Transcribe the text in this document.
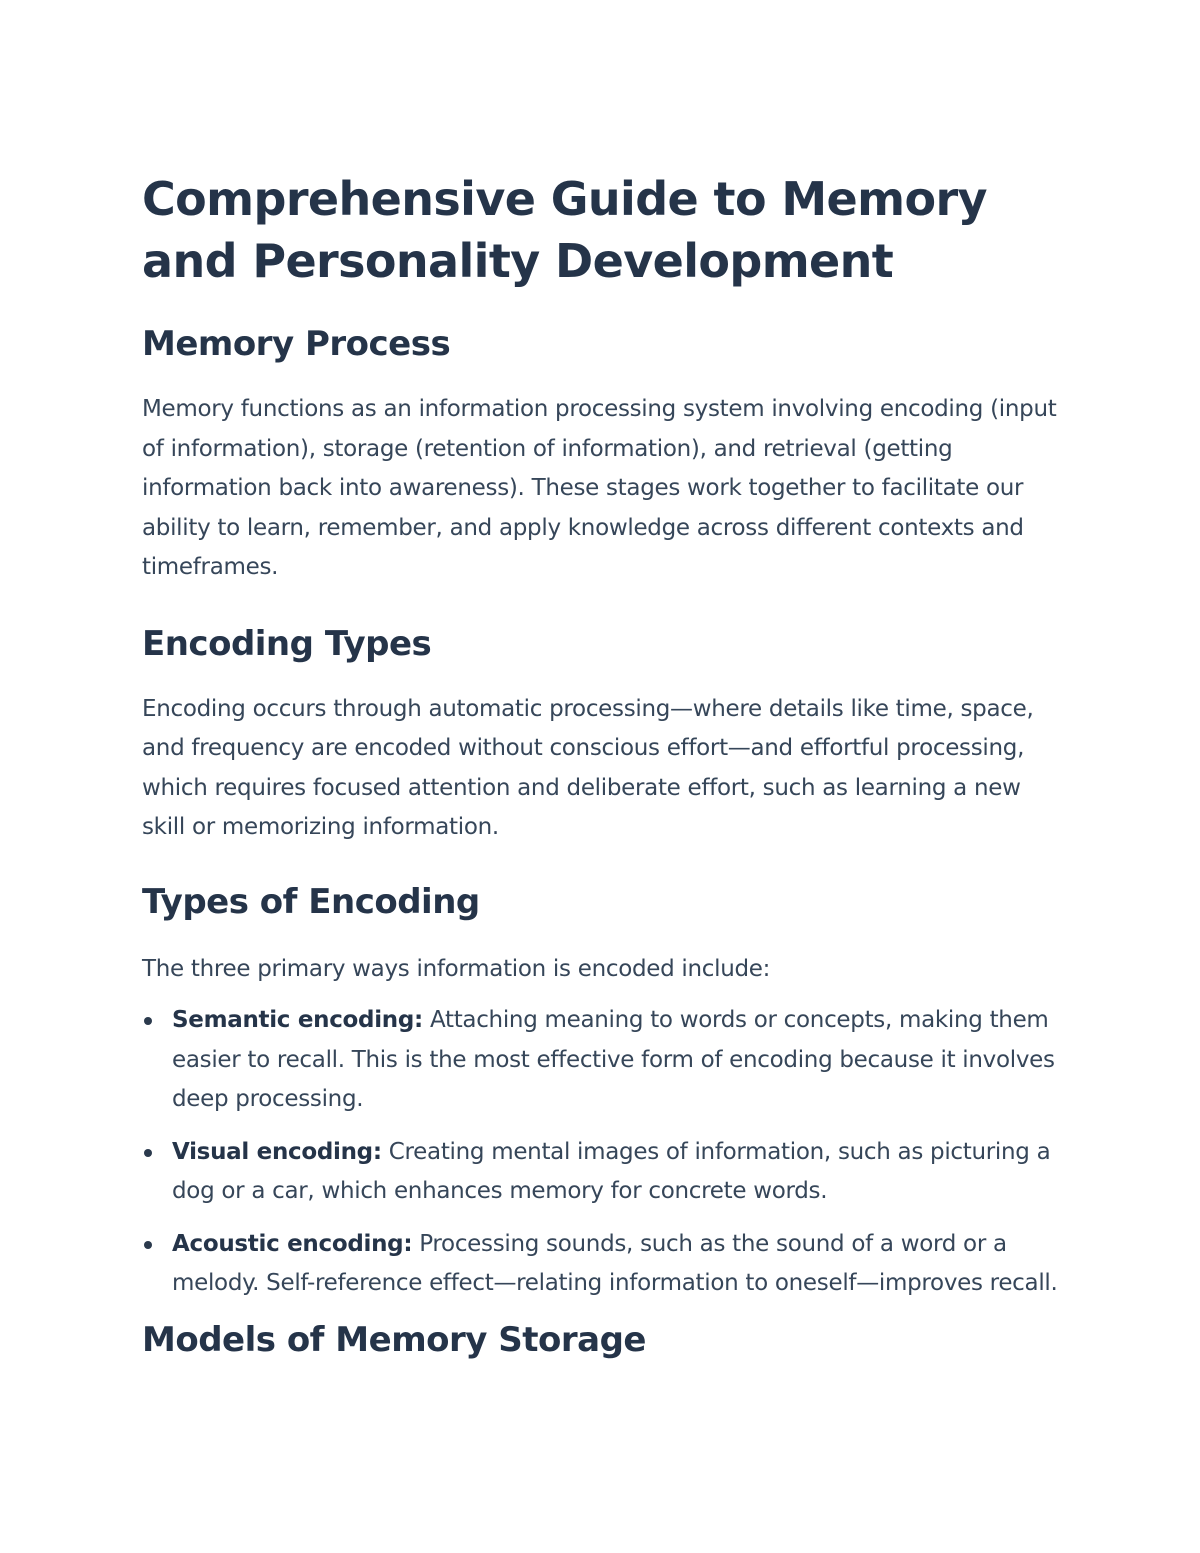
Comprehensive Guide to Memory and Personality Development
Memory Process

Memory functions as an information processing system involving encoding (input of information), storage (retention of information), and retrieval (getting information back into awareness). These stages work together to facilitate our ability to learn, remember, and apply knowledge across different contexts and timeframes.

Encoding Types

Encoding occurs through automatic processing—where details like time, space, and frequency are encoded without conscious effort—and effortful processing, which requires focused attention and deliberate effort, such as learning a new skill or memorizing information.

Types of Encoding

The three primary ways information is encoded include:

Semantic encoding: Attaching meaning to words or concepts, making them easier to recall. This is the most effective form of encoding because it involves deep processing.
Visual encoding: Creating mental images of information, such as picturing a dog or a car, which enhances memory for concrete words.
Acoustic encoding: Processing sounds, such as the sound of a word or a melody. Self-reference effect—relating information to oneself—improves recall.
Models of Memory Storage
